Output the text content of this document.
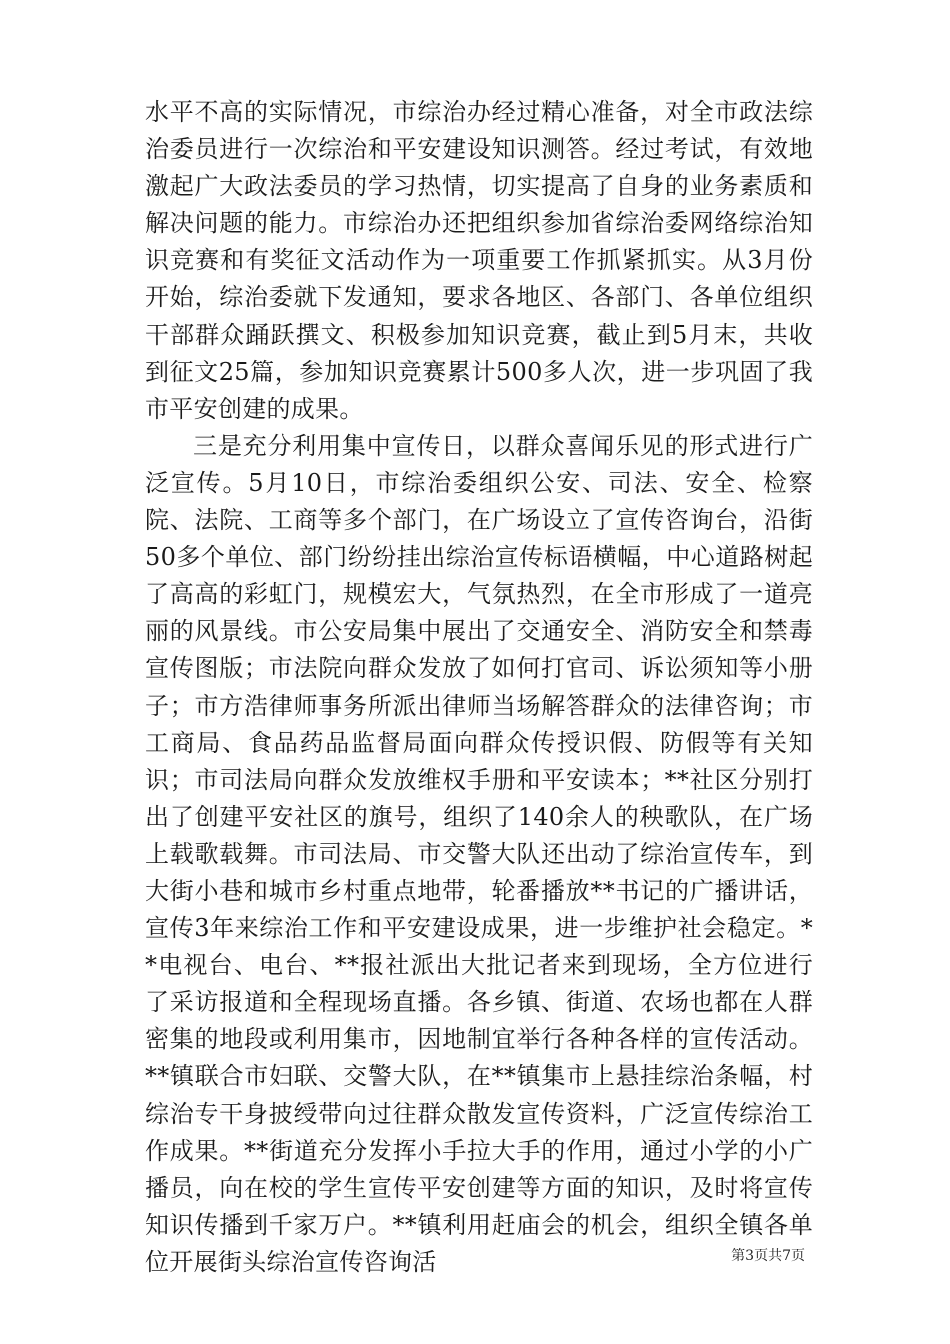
水平不高的实际情况，市综治办经过精心准备，对全市政法综治委员进行一次综治和平安建设知识测答。经过考试，有效地激起广大政法委员的学习热情，切实提高了自身的业务素质和解决问题的能力。市综治办还把组织参加省综治委网络综治知识竞赛和有奖征文活动作为一项重要工作抓紧抓实。从3月份开始，综治委就下发通知，要求各地区、各部门、各单位组织干部群众踊跃撰文、积极参加知识竞赛，截止到5月末，共收到征文25篇，参加知识竞赛累计500多人次，进一步巩固了我市平安创建的成果。

三是充分利用集中宣传日，以群众喜闻乐见的形式进行广泛宣传。5月10日，市综治委组织公安、司法、安全、检察院、法院、工商等多个部门，在广场设立了宣传咨询台，沿街50多个单位、部门纷纷挂出综治宣传标语横幅，中心道路树起了高高的彩虹门，规模宏大，气氛热烈，在全市形成了一道亮丽的风景线。市公安局集中展出了交通安全、消防安全和禁毒宣传图版；市法院向群众发放了如何打官司、诉讼须知等小册子；市方浩律师事务所派出律师当场解答群众的法律咨询；市工商局、食品药品监督局面向群众传授识假、防假等有关知识；市司法局向群众发放维权手册和平安读本；**社区分别打出了创建平安社区的旗号，组织了140余人的秧歌队，在广场上载歌载舞。市司法局、市交警大队还出动了综治宣传车，到大街小巷和城市乡村重点地带，轮番播放**书记的广播讲话，宣传3年来综治工作和平安建设成果，进一步维护社会稳定。**电视台、电台、**报社派出大批记者来到现场，全方位进行了采访报道和全程现场直播。各乡镇、街道、农场也都在人群密集的地段或利用集市，因地制宜举行各种各样的宣传活动。**镇联合市妇联、交警大队，在**镇集市上悬挂综治条幅，村综治专干身披绶带向过往群众散发宣传资料，广泛宣传综治工作成果。**街道充分发挥小手拉大手的作用，通过小学的小广播员，向在校的学生宣传平安创建等方面的知识，及时将宣传知识传播到千家万户。**镇利用赶庙会的机会，组织全镇各单位开展街头综治宣传咨询活	第3页共7页
